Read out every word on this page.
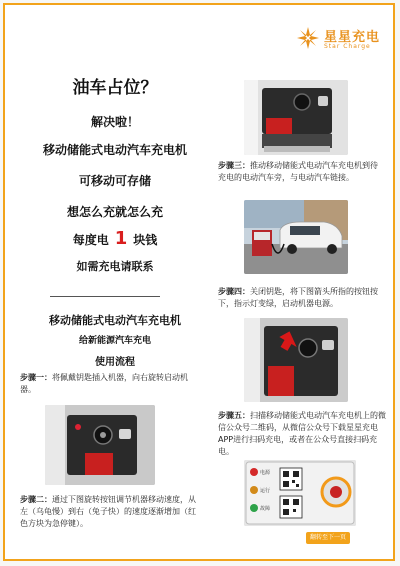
星星充电
Star Charge
油车占位？
解决啦！
移动储能式电动汽车充电机
可移动可存储
想怎么充就怎么充
每度电 1 块钱
如需充电请联系
移动储能式电动汽车充电机
给新能源汽车充电
使用流程
步骤一：将佩戴钥匙插入机器，向右旋转启动机器。
步骤二：通过下图旋转按钮调节机器移动速度，从左（乌龟慢）到右（兔子快）的速度逐渐增加（红色方块为急停键）。
步骤三：推动移动储能式电动汽车充电机到待充电的电动汽车旁，与电动汽车链接。
步骤四：关闭钥匙，将下图箭头所指的按钮按下，指示灯变绿，启动机器电源。
步骤五：扫描移动储能式电动汽车充电机上的微信公众号二维码，从微信公众号下载星星充电APP进行扫码充电，或者在公众号直接扫码充电。
电源
运行
故障
翻转至下一页
